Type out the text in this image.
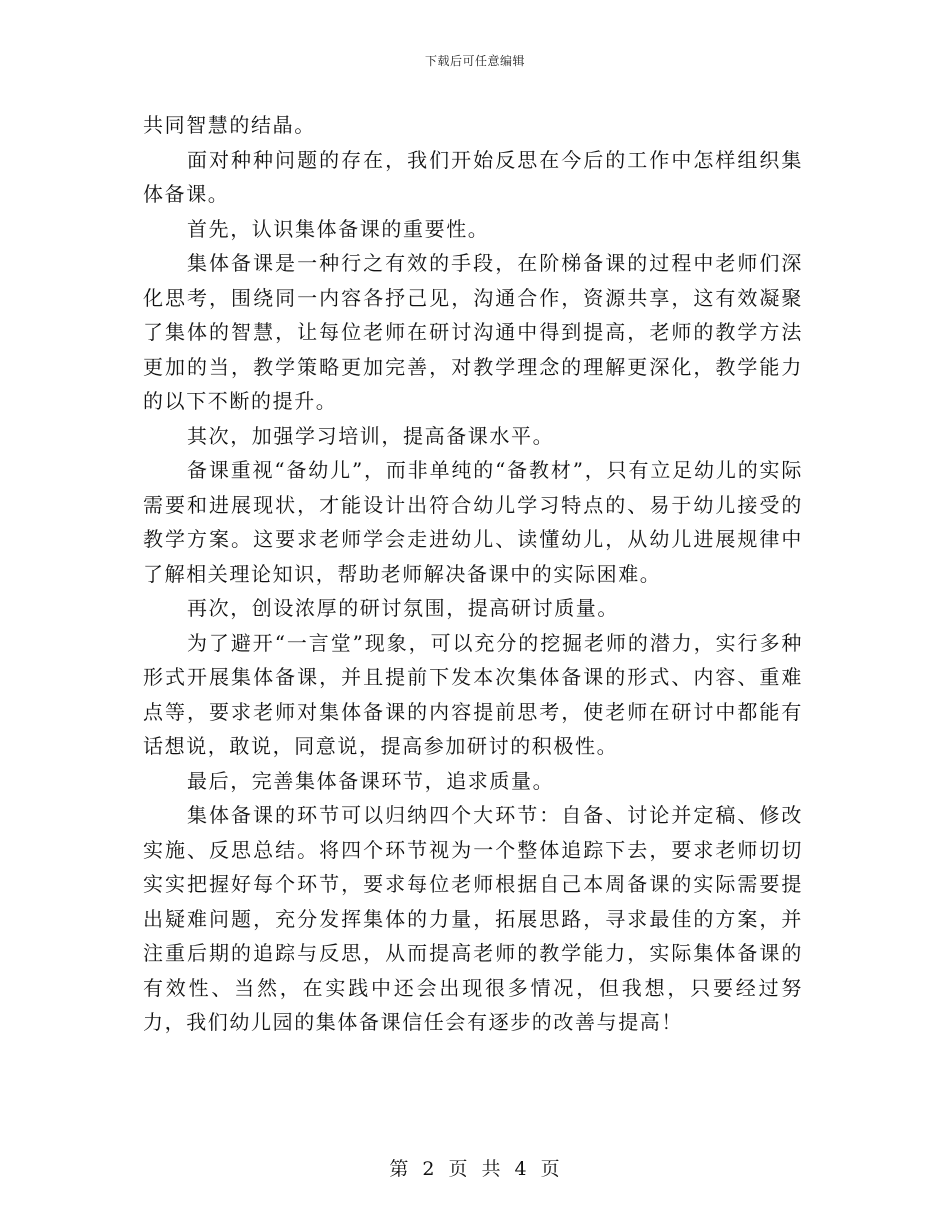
下载后可任意编辑

共同智慧的结晶。

面对种种问题的存在，我们开始反思在今后的工作中怎样组织集体备课。

首先，认识集体备课的重要性。

集体备课是一种行之有效的手段，在阶梯备课的过程中老师们深化思考，围绕同一内容各抒己见，沟通合作，资源共享，这有效凝聚了集体的智慧，让每位老师在研讨沟通中得到提高，老师的教学方法更加的当，教学策略更加完善，对教学理念的理解更深化，教学能力的以下不断的提升。

其次，加强学习培训，提高备课水平。

备课重视“备幼儿”，而非单纯的“备教材”，只有立足幼儿的实际需要和进展现状，才能设计出符合幼儿学习特点的、易于幼儿接受的教学方案。这要求老师学会走进幼儿、读懂幼儿，从幼儿进展规律中了解相关理论知识，帮助老师解决备课中的实际困难。

再次，创设浓厚的研讨氛围，提高研讨质量。

为了避开“一言堂”现象，可以充分的挖掘老师的潜力，实行多种形式开展集体备课，并且提前下发本次集体备课的形式、内容、重难点等，要求老师对集体备课的内容提前思考，使老师在研讨中都能有话想说，敢说，同意说，提高参加研讨的积极性。

最后，完善集体备课环节，追求质量。

集体备课的环节可以归纳四个大环节：自备、讨论并定稿、修改实施、反思总结。将四个环节视为一个整体追踪下去，要求老师切切实实把握好每个环节，要求每位老师根据自己本周备课的实际需要提出疑难问题，充分发挥集体的力量，拓展思路，寻求最佳的方案，并注重后期的追踪与反思，从而提高老师的教学能力，实际集体备课的有效性、当然，在实践中还会出现很多情况，但我想，只要经过努力，我们幼儿园的集体备课信任会有逐步的改善与提高！

第 2 页 共 4 页
